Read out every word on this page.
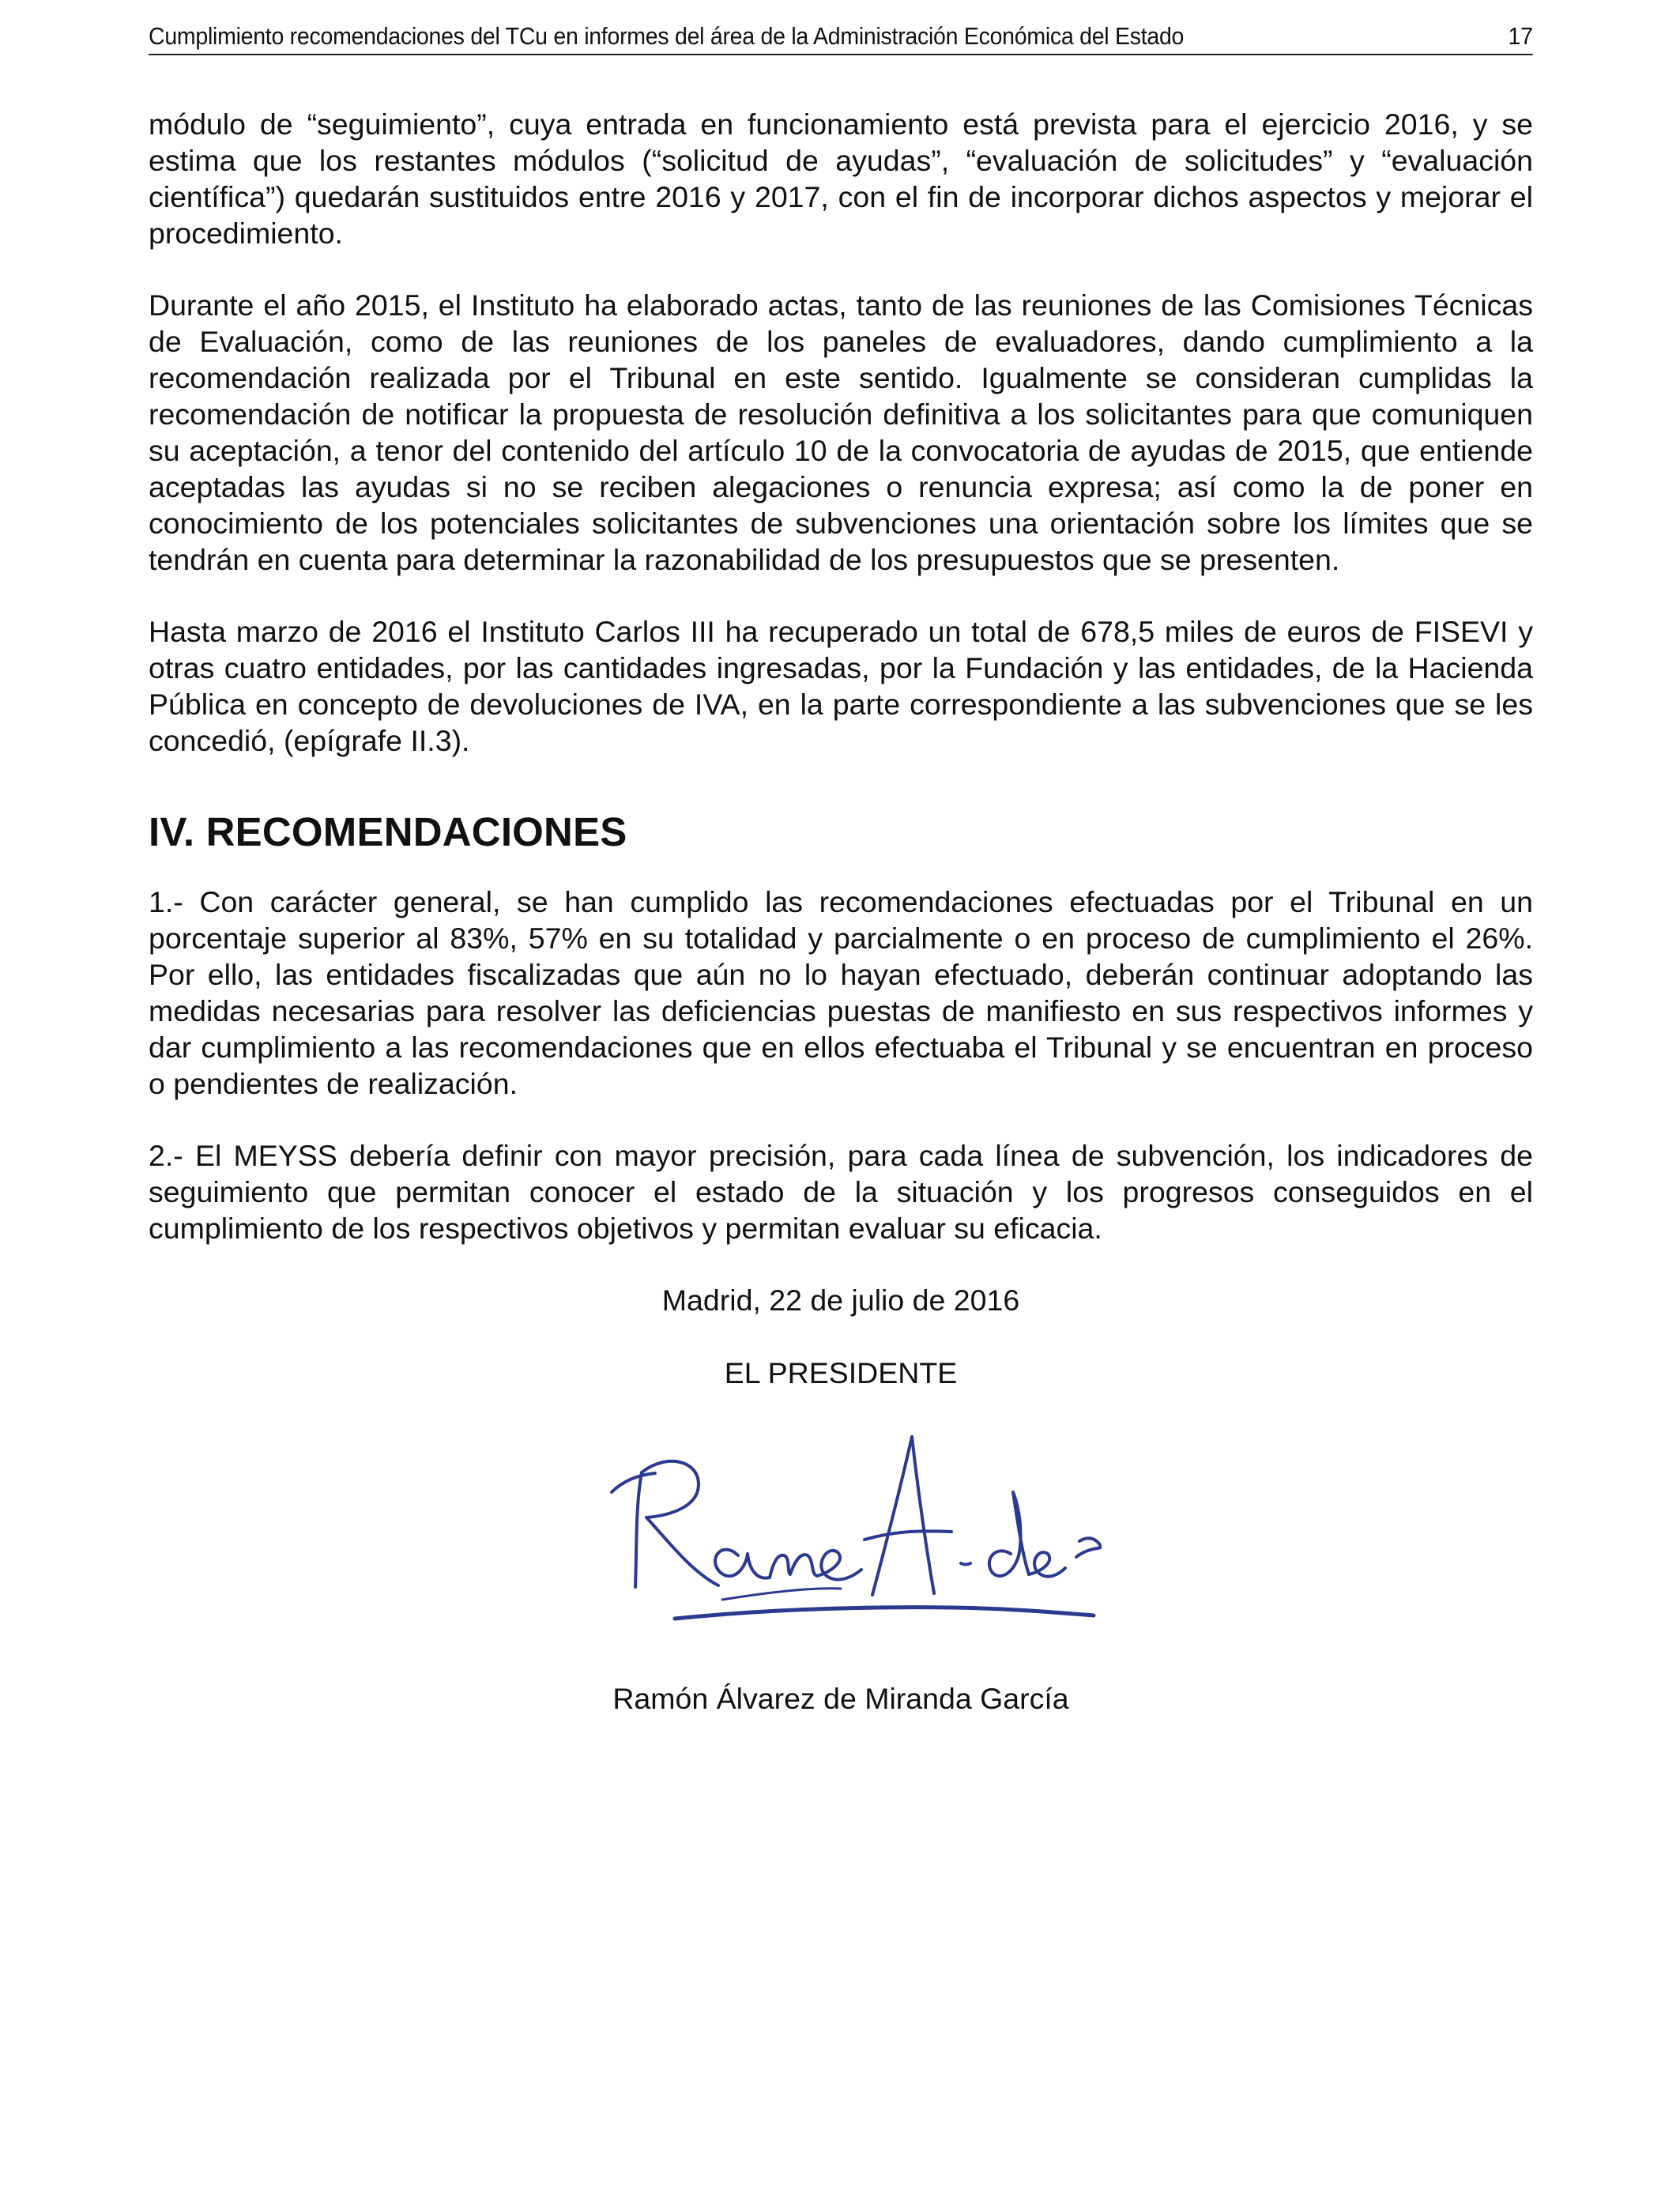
Cumplimiento recomendaciones del TCu en informes del área de la Administración Económica del Estado	17

módulo de “seguimiento”, cuya entrada en funcionamiento está prevista para el ejercicio 2016, y se estima que los restantes módulos (“solicitud de ayudas”, “evaluación de solicitudes” y “evaluación científica”) quedarán sustituidos entre 2016 y 2017, con el fin de incorporar dichos aspectos y mejorar el procedimiento.

Durante el año 2015, el Instituto ha elaborado actas, tanto de las reuniones de las Comisiones Técnicas de Evaluación, como de las reuniones de los paneles de evaluadores, dando cumplimiento a la recomendación realizada por el Tribunal en este sentido. Igualmente se consideran cumplidas la recomendación de notificar la propuesta de resolución definitiva a los solicitantes para que comuniquen su aceptación, a tenor del contenido del artículo 10 de la convocatoria de ayudas de 2015, que entiende aceptadas las ayudas si no se reciben alegaciones o renuncia expresa; así como la de poner en conocimiento de los potenciales solicitantes de subvenciones una orientación sobre los límites que se tendrán en cuenta para determinar la razonabilidad de los presupuestos que se presenten.

Hasta marzo de 2016 el Instituto Carlos III ha recuperado un total de 678,5 miles de euros de FISEVI y otras cuatro entidades, por las cantidades ingresadas, por la Fundación y las entidades, de la Hacienda Pública en concepto de devoluciones de IVA, en la parte correspondiente a las subvenciones que se les concedió, (epígrafe II.3).

IV. RECOMENDACIONES

1.- Con carácter general, se han cumplido las recomendaciones efectuadas por el Tribunal en un porcentaje superior al 83%, 57% en su totalidad y parcialmente o en proceso de cumplimiento el 26%. Por ello, las entidades fiscalizadas que aún no lo hayan efectuado, deberán continuar adoptando las medidas necesarias para resolver las deficiencias puestas de manifiesto en sus respectivos informes y dar cumplimiento a las recomendaciones que en ellos efectuaba el Tribunal y se encuentran en proceso o pendientes de realización.

2.- El MEYSS debería definir con mayor precisión, para cada línea de subvención, los indicadores de seguimiento que permitan conocer el estado de la situación y los progresos conseguidos en el cumplimiento de los respectivos objetivos y permitan evaluar su eficacia.

Madrid, 22 de julio de 2016

EL PRESIDENTE

Ramón Álvarez de Miranda García
